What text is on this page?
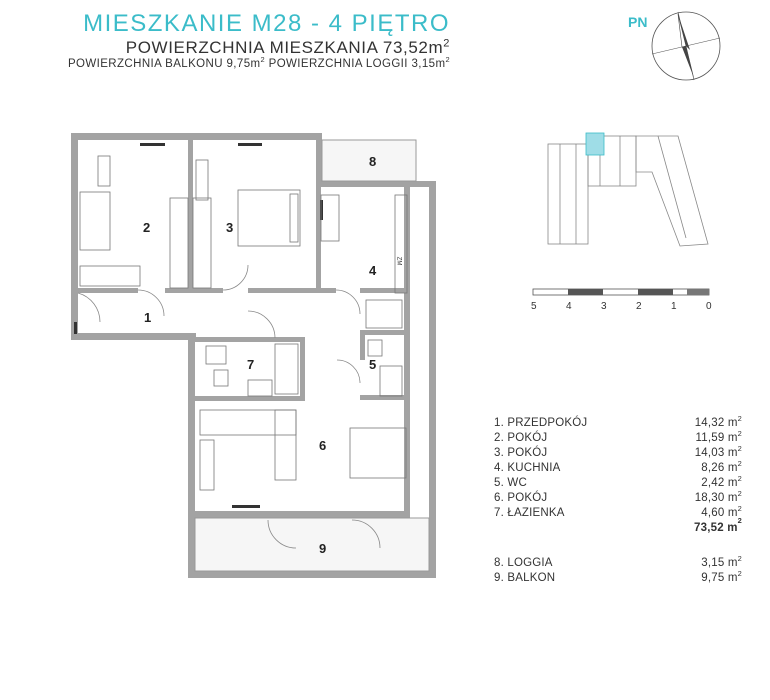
MIESZKANIE M28 - 4 PIĘTRO
POWIERZCHNIA MIESZKANIA $73,52m^2$
POWIERZCHNIA BALKONU $9,75m^2$ POWIERZCHNIA LOGGII $3,15m^2$
PN
2	3
8
4
1
7	5
6
9
ZM
5	4	3	2	1	0
1. PRZEDPOKÓJ	14,32 $m^2$
2. POKÓJ	11,59 $m^2$
3. POKÓJ	14,03 $m^2$
4. KUCHNIA	8,26 $m^2$
5. WC	2,42 $m^2$
6. POKÓJ	18,30 $m^2$
7. ŁAZIENKA	4,60 $m^2$
73,52 m
2
8. LOGGIA	3,15 $m^2$
9. BALKON	9,75 $m^2$
